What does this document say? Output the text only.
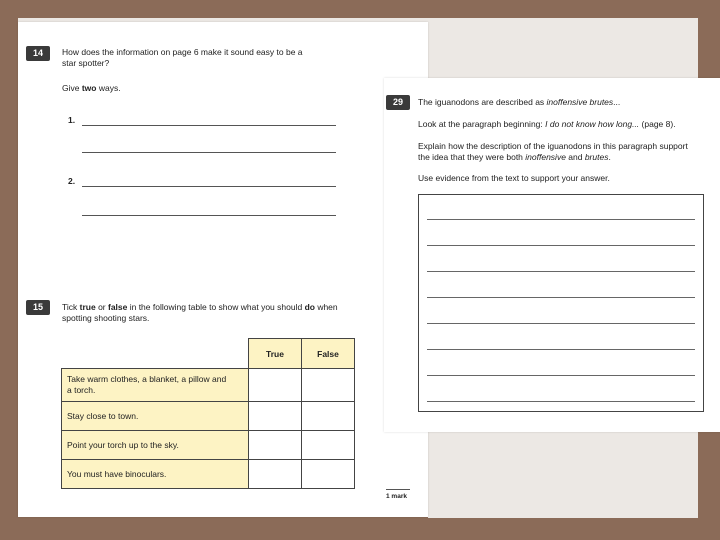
14	How does the information on page 6 make it sound easy to be a
star spotter?
Give two ways.
1.
2.
15	Tick true or false in the following table to show what you should do when
spotting shooting stars.
	True	False
Take warm clothes, a blanket, a pillow and
a torch.		
Stay close to town.		
Point your torch up to the sky.		
You must have binoculars.		
1 mark
29	The iguanodons are described as inoffensive brutes...
Look at the paragraph beginning: I do not know how long... (page 8).
Explain how the description of the iguanodons in this paragraph support
the idea that they were both inoffensive and brutes.
Use evidence from the text to support your answer.
